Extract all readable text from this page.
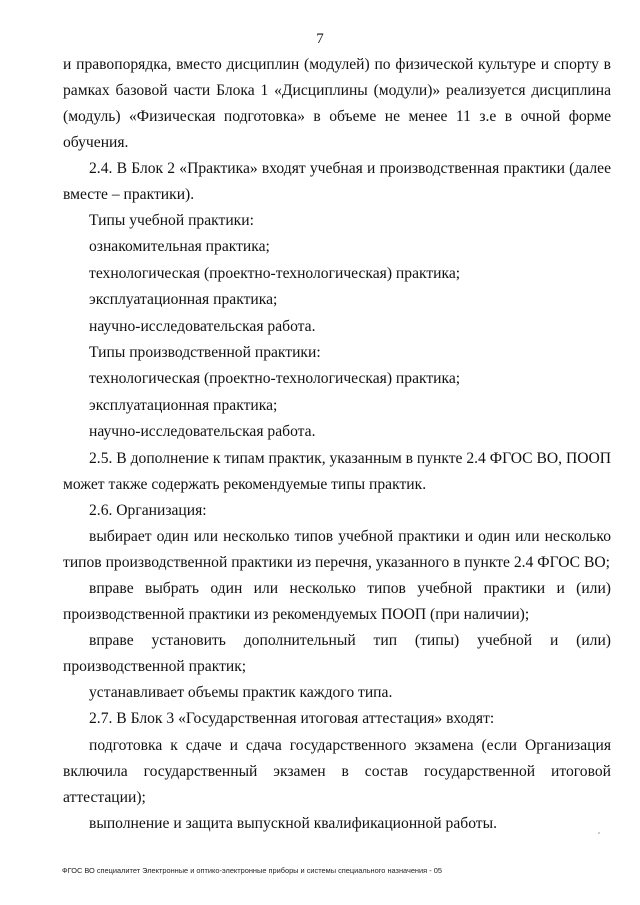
7

и правопорядка, вместо дисциплин (модулей) по физической культуре и спорту в рамках базовой части Блока 1 «Дисциплины (модули)» реализуется дисциплина (модуль) «Физическая подготовка» в объеме не менее 11 з.е в очной форме обучения.

2.4. В Блок 2 «Практика» входят учебная и производственная практики (далее вместе – практики).

Типы учебной практики:

ознакомительная практика;

технологическая (проектно-технологическая) практика;

эксплуатационная практика;

научно-исследовательская работа.

Типы производственной практики:

технологическая (проектно-технологическая) практика;

эксплуатационная практика;

научно-исследовательская работа.

2.5. В дополнение к типам практик, указанным в пункте 2.4 ФГОС ВО, ПООП может также содержать рекомендуемые типы практик.

2.6. Организация:

выбирает один или несколько типов учебной практики и один или несколько типов производственной практики из перечня, указанного в пункте 2.4 ФГОС ВО;

вправе выбрать один или несколько типов учебной практики и (или) производственной практики из рекомендуемых ПООП (при наличии);

вправе установить дополнительный тип (типы) учебной и (или) производственной практик;

устанавливает объемы практик каждого типа.

2.7. В Блок 3 «Государственная итоговая аттестация» входят:

подготовка к сдаче и сдача государственного экзамена (если Организация включила государственный экзамен в состав государственной итоговой аттестации);

выполнение и защита выпускной квалификационной работы.

ФГОС ВО специалитет Электронные и оптико-электронные приборы и системы специального назначения - 05
